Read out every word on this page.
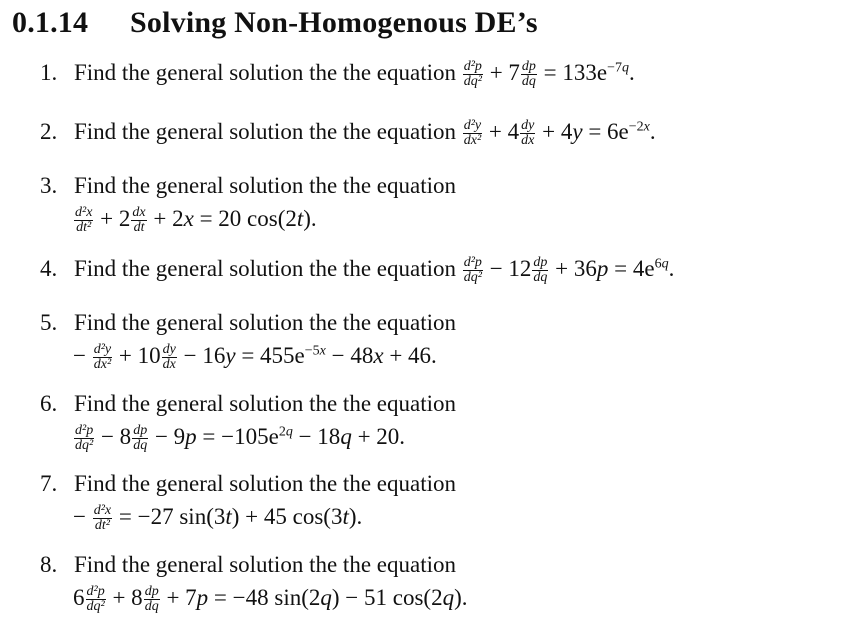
0.1.14 Solving Non-Homogenous DE’s
1. Find the general solution the the equation $\frac{\text{d²p}}{\text{dq²}} + 7 \frac{dp}{dq} = 133e^{-7q}$.
2. Find the general solution the the equation $\frac{\text{d²y}}{\text{dx²}} + 4 \frac{dy}{dx} + 4y = 6e^{-2x}$.
3. Find the general solution the the equation
$\frac{\text{d²x}}{\text{dt²}} + 2 \frac{dx}{dt} + 2x = 20$ cos(2t).
4. Find the general solution the the equation $\frac{\text{d²p}}{\text{dq²}} - 12 \frac{dp}{dq} + 36p = 4e^{6q}$.
5. Find the general solution the the equation
− $\frac{\text{d²y}}{\text{dx²}} + 10 \frac{dy}{dx} - 16y = 455e^{-5x} - 48x + 46$.
6. Find the general solution the the equation
$\frac{\text{d²p}}{\text{dq²}} - 8 \frac{dp}{dq} - 9p = -105e^{2q} - 18q + 20$.
7. Find the general solution the the equation
− $\frac{\text{d²x}}{\text{dt²}} = -27$ sin(3t) + 45 cos(3t).
8. Find the general solution the the equation
$6 \frac{\text{d²p}}{\text{dq²}} + 8 \frac{dp}{dq} + 7p = -48$ sin(2q) − 51 cos(2q).
